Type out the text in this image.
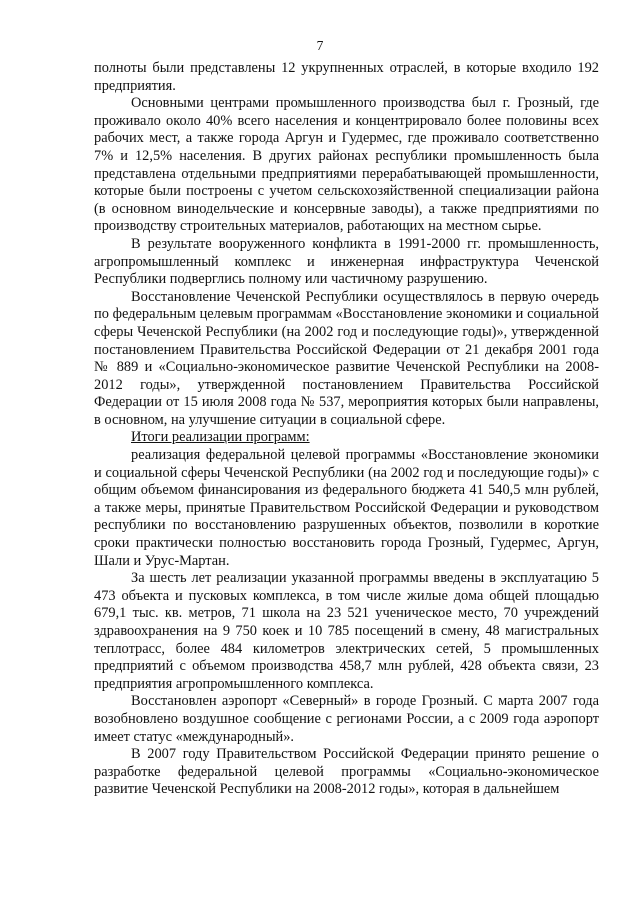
7

полноты были представлены 12 укрупненных отраслей, в которые входило 192 предприятия.

Основными центрами промышленного производства был г. Грозный, где проживало около 40% всего населения и концентрировало более половины всех рабочих мест, а также города Аргун и Гудермес, где проживало соответственно 7% и 12,5% населения. В других районах республики промышленность была представлена отдельными предприятиями перерабатывающей промышленности, которые были построены с учетом сельскохозяйственной специализации района (в основном винодельческие и консервные заводы), а также предприятиями по производству строительных материалов, работающих на местном сырье.

В результате вооруженного конфликта в 1991-2000 гг. промышленность, агропромышленный комплекс и инженерная инфраструктура Чеченской Республики подверглись полному или частичному разрушению.

Восстановление Чеченской Республики осуществлялось в первую очередь по федеральным целевым программам «Восстановление экономики и социальной сферы Чеченской Республики (на 2002 год и последующие годы)», утвержденной постановлением Правительства Российской Федерации от 21 декабря 2001 года № 889 и «Социально-экономическое развитие Чеченской Республики на 2008-2012 годы», утвержденной постановлением Правительства Российской Федерации от 15 июля 2008 года № 537, мероприятия которых были направлены, в основном, на улучшение ситуации в социальной сфере.

Итоги реализации программ:

реализация федеральной целевой программы «Восстановление экономики и социальной сферы Чеченской Республики (на 2002 год и последующие годы)» с общим объемом финансирования из федерального бюджета 41 540,5 млн рублей, а также меры, принятые Правительством Российской Федерации и руководством республики по восстановлению разрушенных объектов, позволили в короткие сроки практически полностью восстановить города Грозный, Гудермес, Аргун, Шали и Урус-Мартан.

За шесть лет реализации указанной программы введены в эксплуатацию 5 473 объекта и пусковых комплекса, в том числе жилые дома общей площадью 679,1 тыс. кв. метров, 71 школа на 23 521 ученическое место, 70 учреждений здравоохранения на 9 750 коек и 10 785 посещений в смену, 48 магистральных теплотрасс, более 484 километров электрических сетей, 5 промышленных предприятий с объемом производства 458,7 млн рублей, 428 объекта связи, 23 предприятия агропромышленного комплекса.

Восстановлен аэропорт «Северный» в городе Грозный. С марта 2007 года возобновлено воздушное сообщение с регионами России, а с 2009 года аэропорт имеет статус «международный».

В 2007 году Правительством Российской Федерации принято решение о разработке федеральной целевой программы «Социально-экономическое развитие Чеченской Республики на 2008-2012 годы», которая в дальнейшем
